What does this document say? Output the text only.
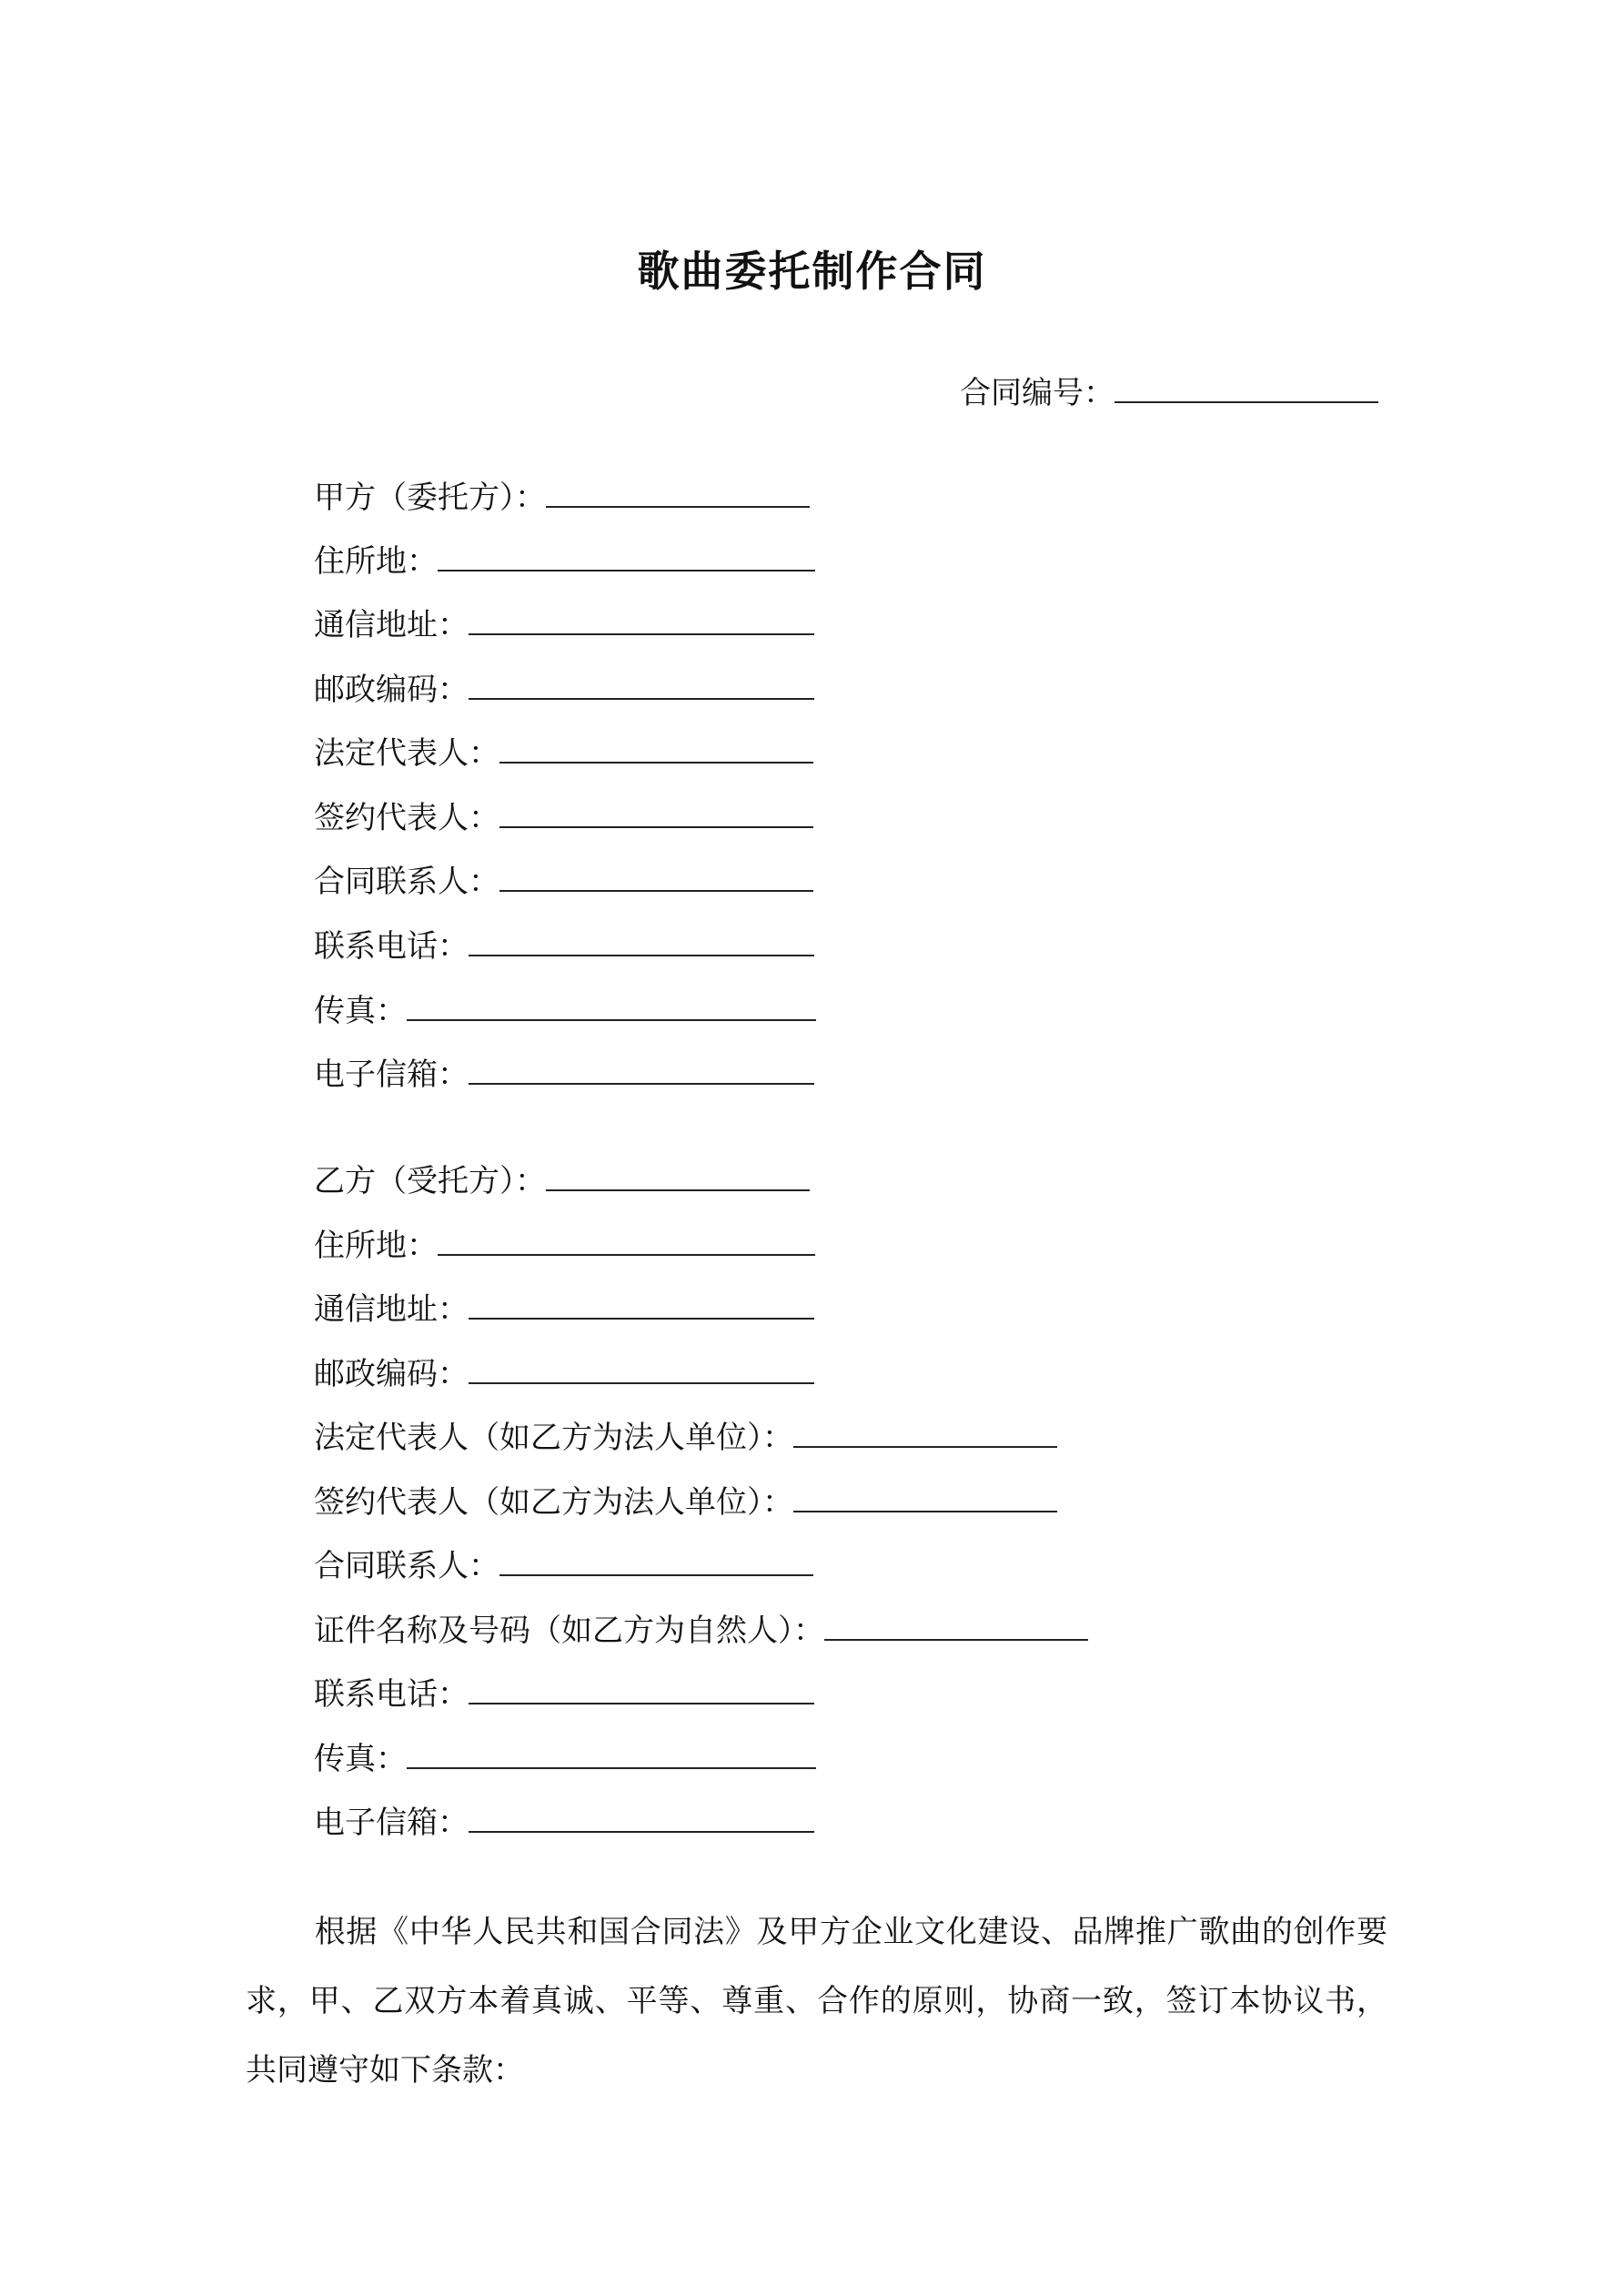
歌曲委托制作合同
合同编号：
甲方（委托方）：
住所地：
通信地址：
邮政编码：
法定代表人：
签约代表人：
合同联系人：
联系电话：
传真：
电子信箱：
乙方（受托方）：
住所地：
通信地址：
邮政编码：
法定代表人（如乙方为法人单位）：
签约代表人（如乙方为法人单位）：
合同联系人：
证件名称及号码（如乙方为自然人）：
联系电话：
传真：
电子信箱：
根据《中华人民共和国合同法》及甲方企业文化建设、品牌推广歌曲的创作要求，甲、乙双方本着真诚、平等、尊重、合作的原则，协商一致，签订本协议书，共同遵守如下条款：
